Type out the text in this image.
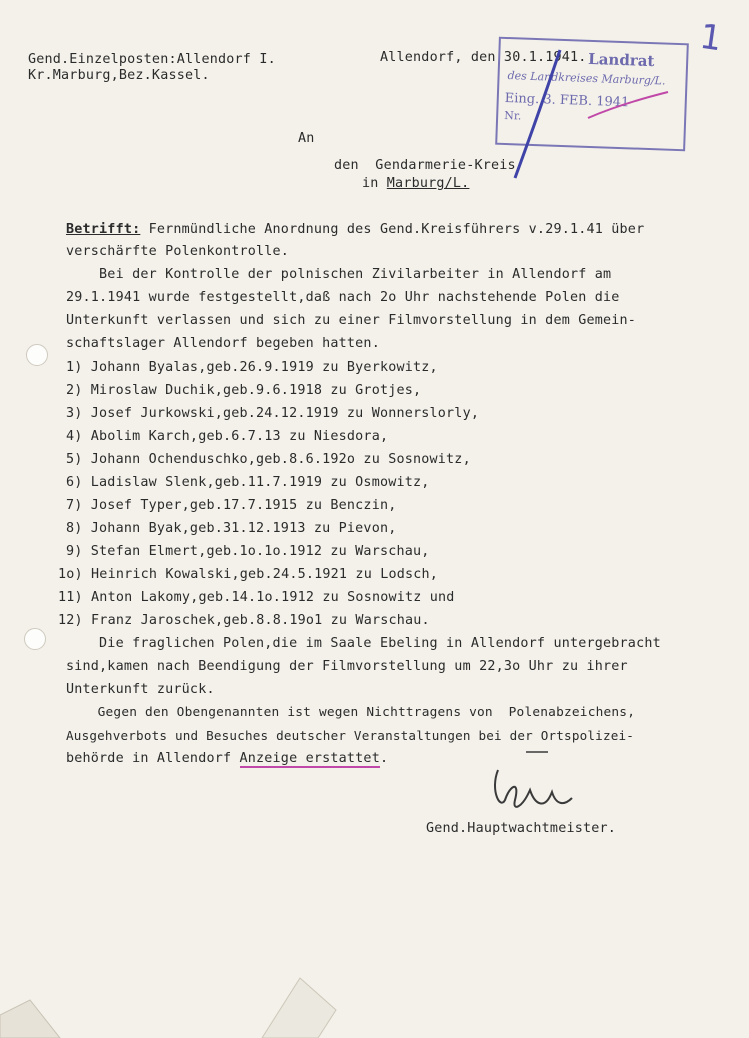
Gend.Einzelposten:Allendorf I.
Kr.Marburg,Bez.Kassel.
Allendorf, den 30.1.1941. Landrat
des Landkreises Marburg/L.
Eing. 3. FEB. 1941
Nr.
1
An
den  Gendarmerie-Kreis
in Marburg/L.
Betrifft: Fernmündliche Anordnung des Gend.Kreisführers v.29.1.41 über
verschärfte Polenkontrolle.
Bei der Kontrolle der polnischen Zivilarbeiter in Allendorf am
29.1.1941 wurde festgestellt,daß nach 2o Uhr nachstehende Polen die
Unterkunft verlassen und sich zu einer Filmvorstellung in dem Gemein-
schaftslager Allendorf begeben hatten.
1) Johann Byalas,geb.26.9.1919 zu Byerkowitz,
2) Miroslaw Duchik,geb.9.6.1918 zu Grotjes,
3) Josef Jurkowski,geb.24.12.1919 zu Wonnerslorly,
4) Abolim Karch,geb.6.7.13 zu Niesdora,
5) Johann Ochenduschko,geb.8.6.192o zu Sosnowitz,
6) Ladislaw Slenk,geb.11.7.1919 zu Osmowitz,
7) Josef Typer,geb.17.7.1915 zu Benczin,
8) Johann Byak,geb.31.12.1913 zu Pievon,
9) Stefan Elmert,geb.1o.1o.1912 zu Warschau,
1o) Heinrich Kowalski,geb.24.5.1921 zu Lodsch,
11) Anton Lakomy,geb.14.1o.1912 zu Sosnowitz und
12) Franz Jaroschek,geb.8.8.19o1 zu Warschau.
Die fraglichen Polen,die im Saale Ebeling in Allendorf untergebracht
sind,kamen nach Beendigung der Filmvorstellung um 22,3o Uhr zu ihrer
Unterkunft zurück.
Gegen den Obengenannten ist wegen Nichttragens von  Polenabzeichens,
Ausgehverbots und Besuches deutscher Veranstaltungen bei der Ortspolizei-
behörde in Allendorf Anzeige erstattet.
Gend.Hauptwachtmeister.
